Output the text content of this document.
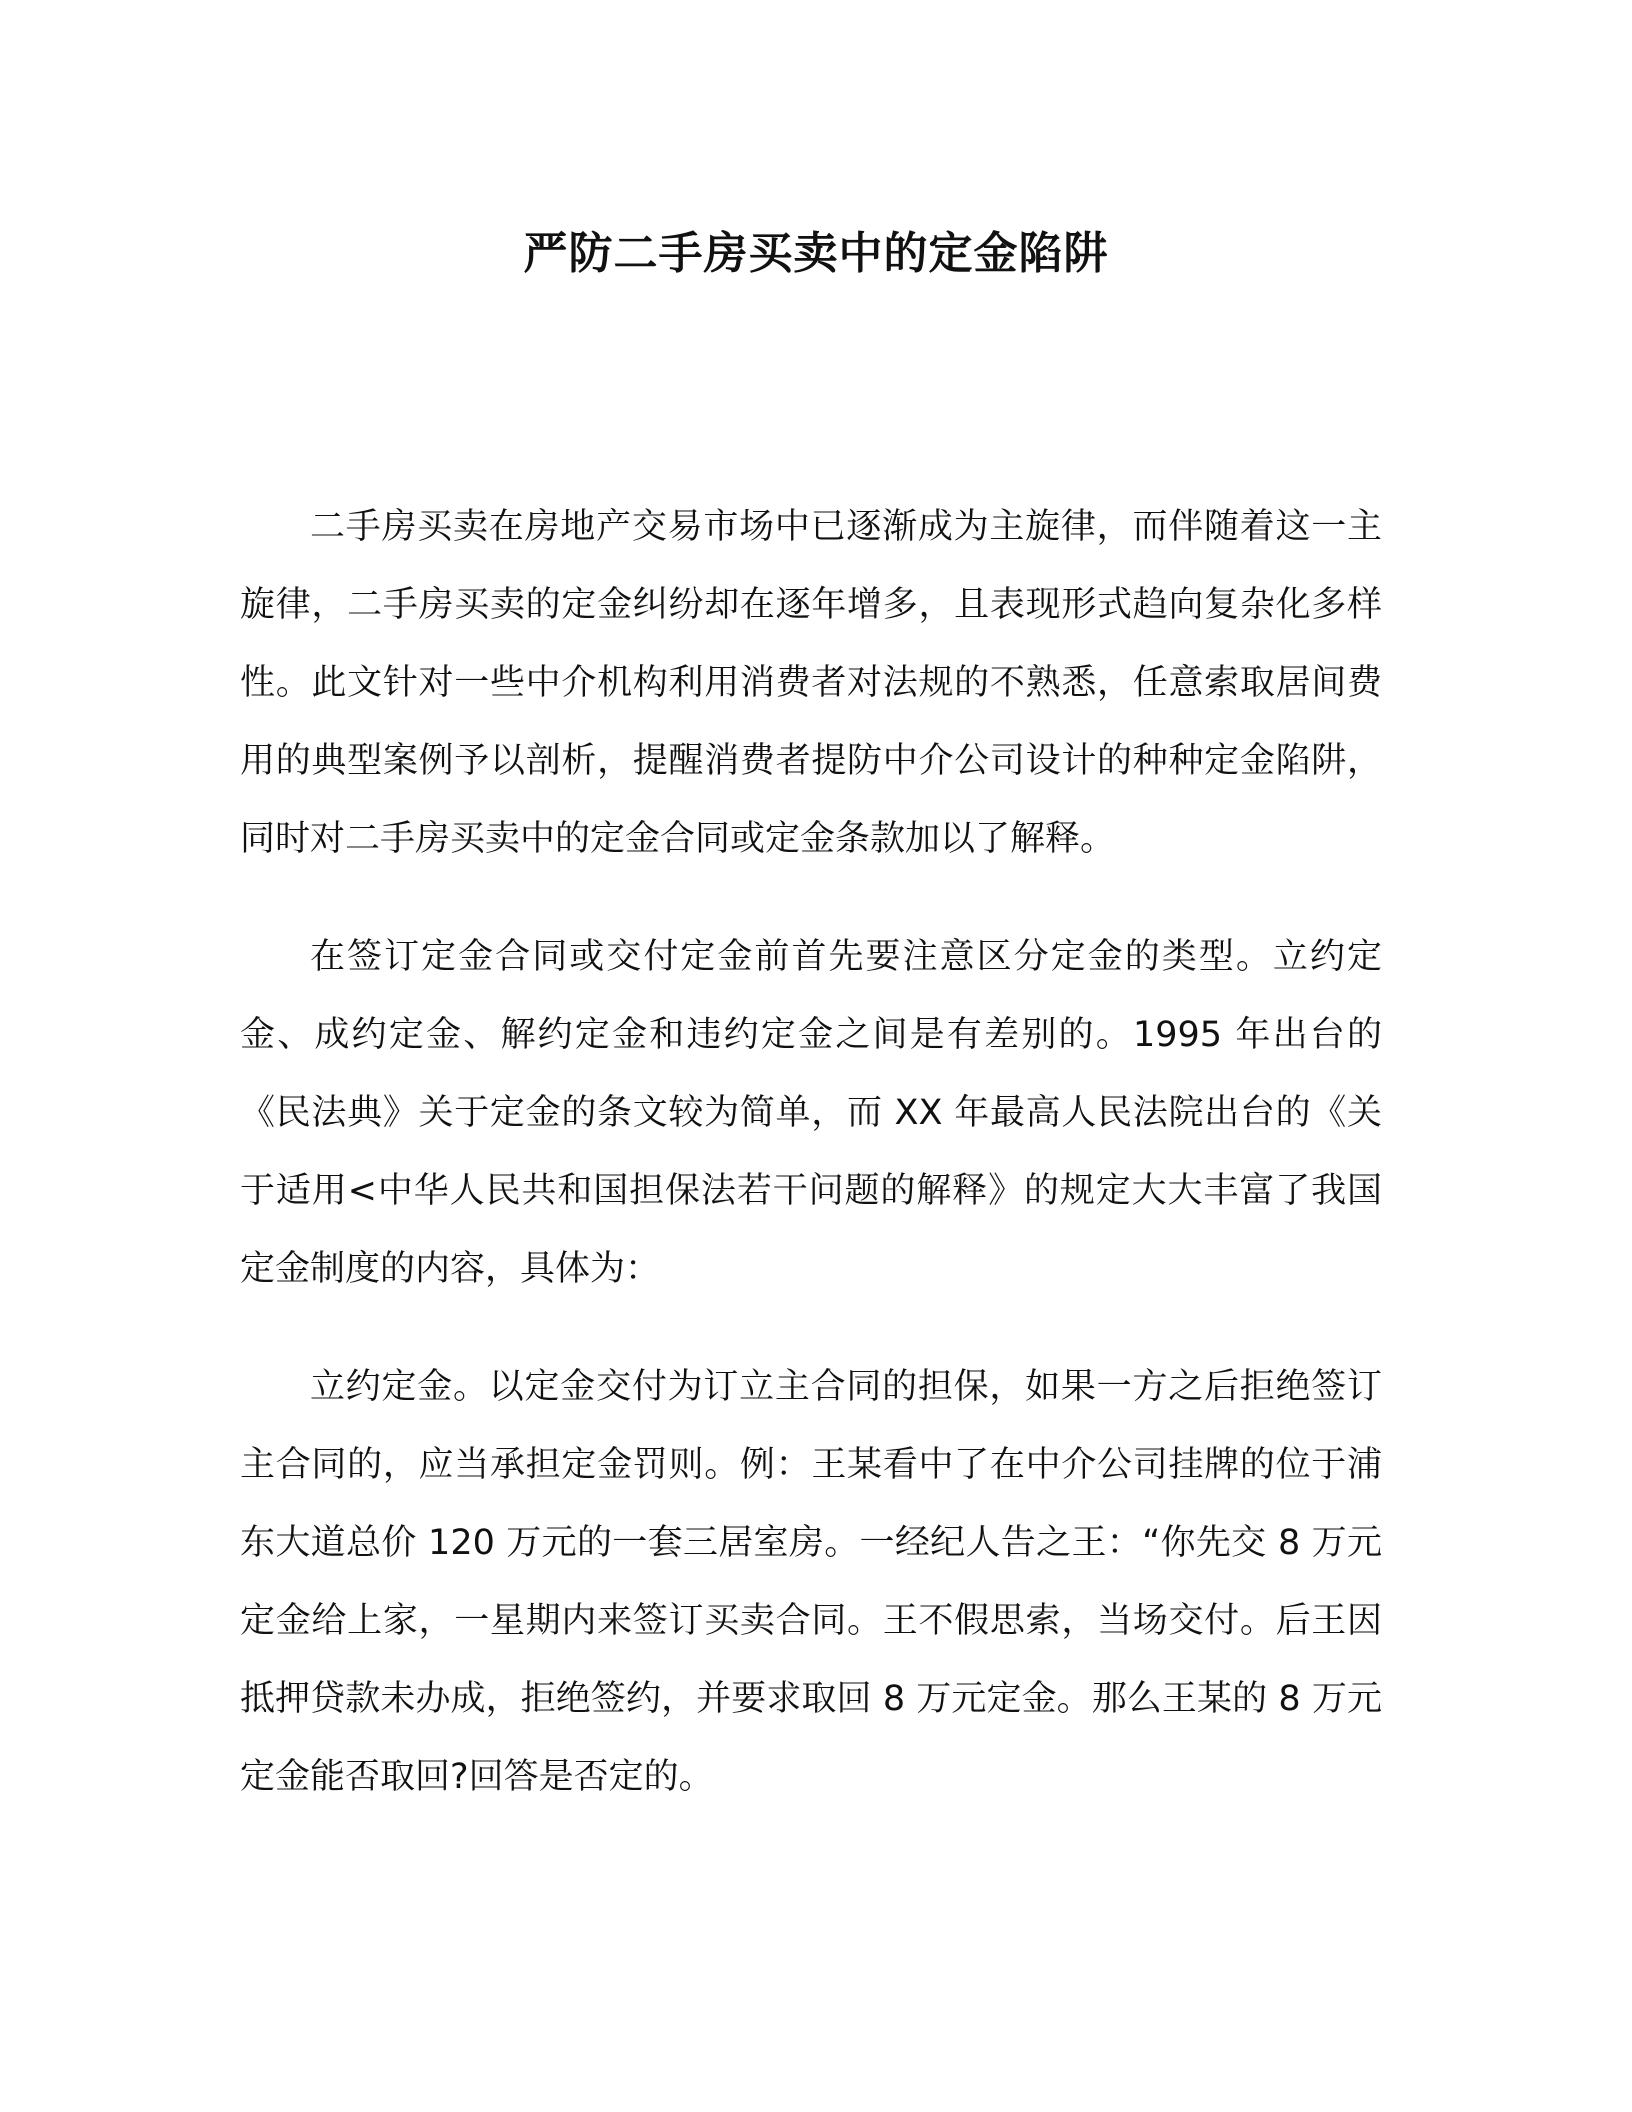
严防二手房买卖中的定金陷阱

二手房买卖在房地产交易市场中已逐渐成为主旋律，而伴随着这一主旋律，二手房买卖的定金纠纷却在逐年增多，且表现形式趋向复杂化多样性。此文针对一些中介机构利用消费者对法规的不熟悉，任意索取居间费用的典型案例予以剖析，提醒消费者提防中介公司设计的种种定金陷阱，同时对二手房买卖中的定金合同或定金条款加以了解释。

在签订定金合同或交付定金前首先要注意区分定金的类型。立约定金、成约定金、解约定金和违约定金之间是有差别的。1995 年出台的《民法典》关于定金的条文较为简单，而 XX 年最高人民法院出台的《关于适用<中华人民共和国担保法若干问题的解释》的规定大大丰富了我国定金制度的内容，具体为：

立约定金。以定金交付为订立主合同的担保，如果一方之后拒绝签订主合同的，应当承担定金罚则。例：王某看中了在中介公司挂牌的位于浦东大道总价 120 万元的一套三居室房。一经纪人告之王：“你先交 8 万元定金给上家，一星期内来签订买卖合同。王不假思索，当场交付。后王因抵押贷款未办成，拒绝签约，并要求取回 8 万元定金。那么王某的 8 万元定金能否取回?回答是否定的。
